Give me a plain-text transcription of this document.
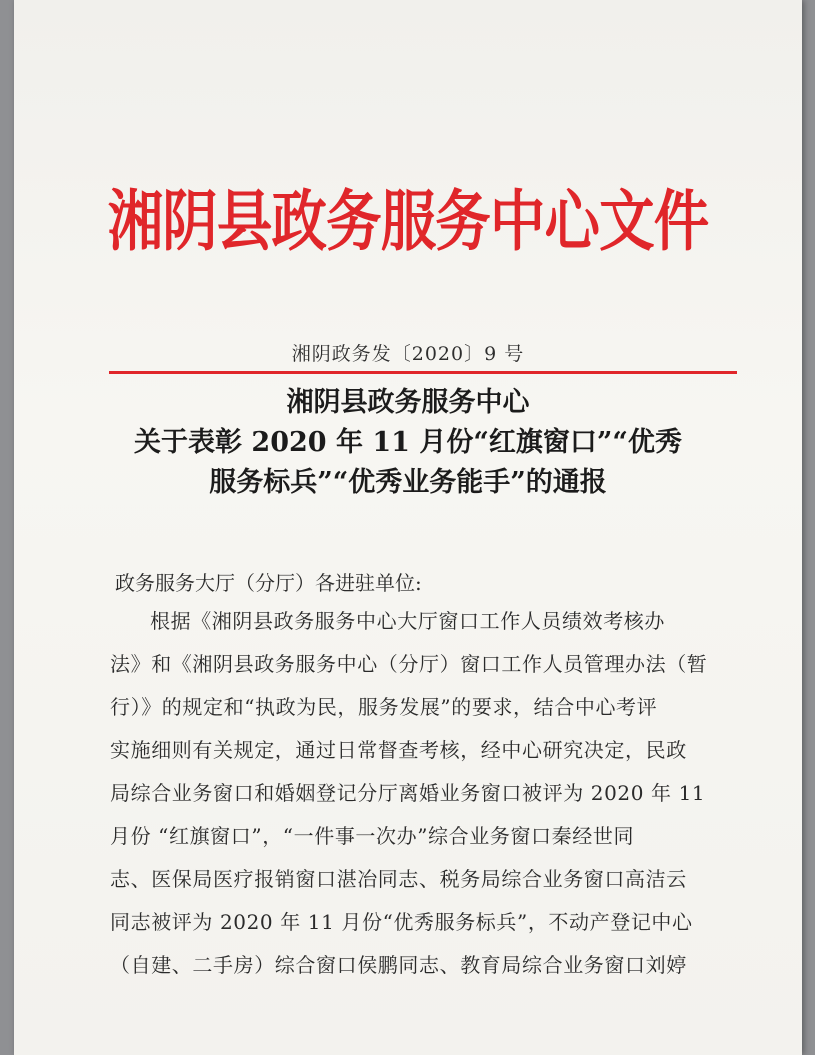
湘阴县政务服务中心文件
湘阴政务发〔2020〕9 号
湘阴县政务服务中心
关于表彰 2020 年 11 月份“红旗窗口”“优秀
服务标兵”“优秀业务能手”的通报
政务服务大厅（分厅）各进驻单位:
根据《湘阴县政务服务中心大厅窗口工作人员绩效考核办
法》和《湘阴县政务服务中心（分厅）窗口工作人员管理办法（暂
行）》的规定和“执政为民，服务发展”的要求，结合中心考评
实施细则有关规定，通过日常督查考核，经中心研究决定，民政
局综合业务窗口和婚姻登记分厅离婚业务窗口被评为 2020 年 11
月份 “红旗窗口”，“一件事一次办”综合业务窗口秦经世同
志、医保局医疗报销窗口湛冶同志、税务局综合业务窗口高洁云
同志被评为 2020 年 11 月份“优秀服务标兵”，不动产登记中心
（自建、二手房）综合窗口侯鹏同志、教育局综合业务窗口刘婷
